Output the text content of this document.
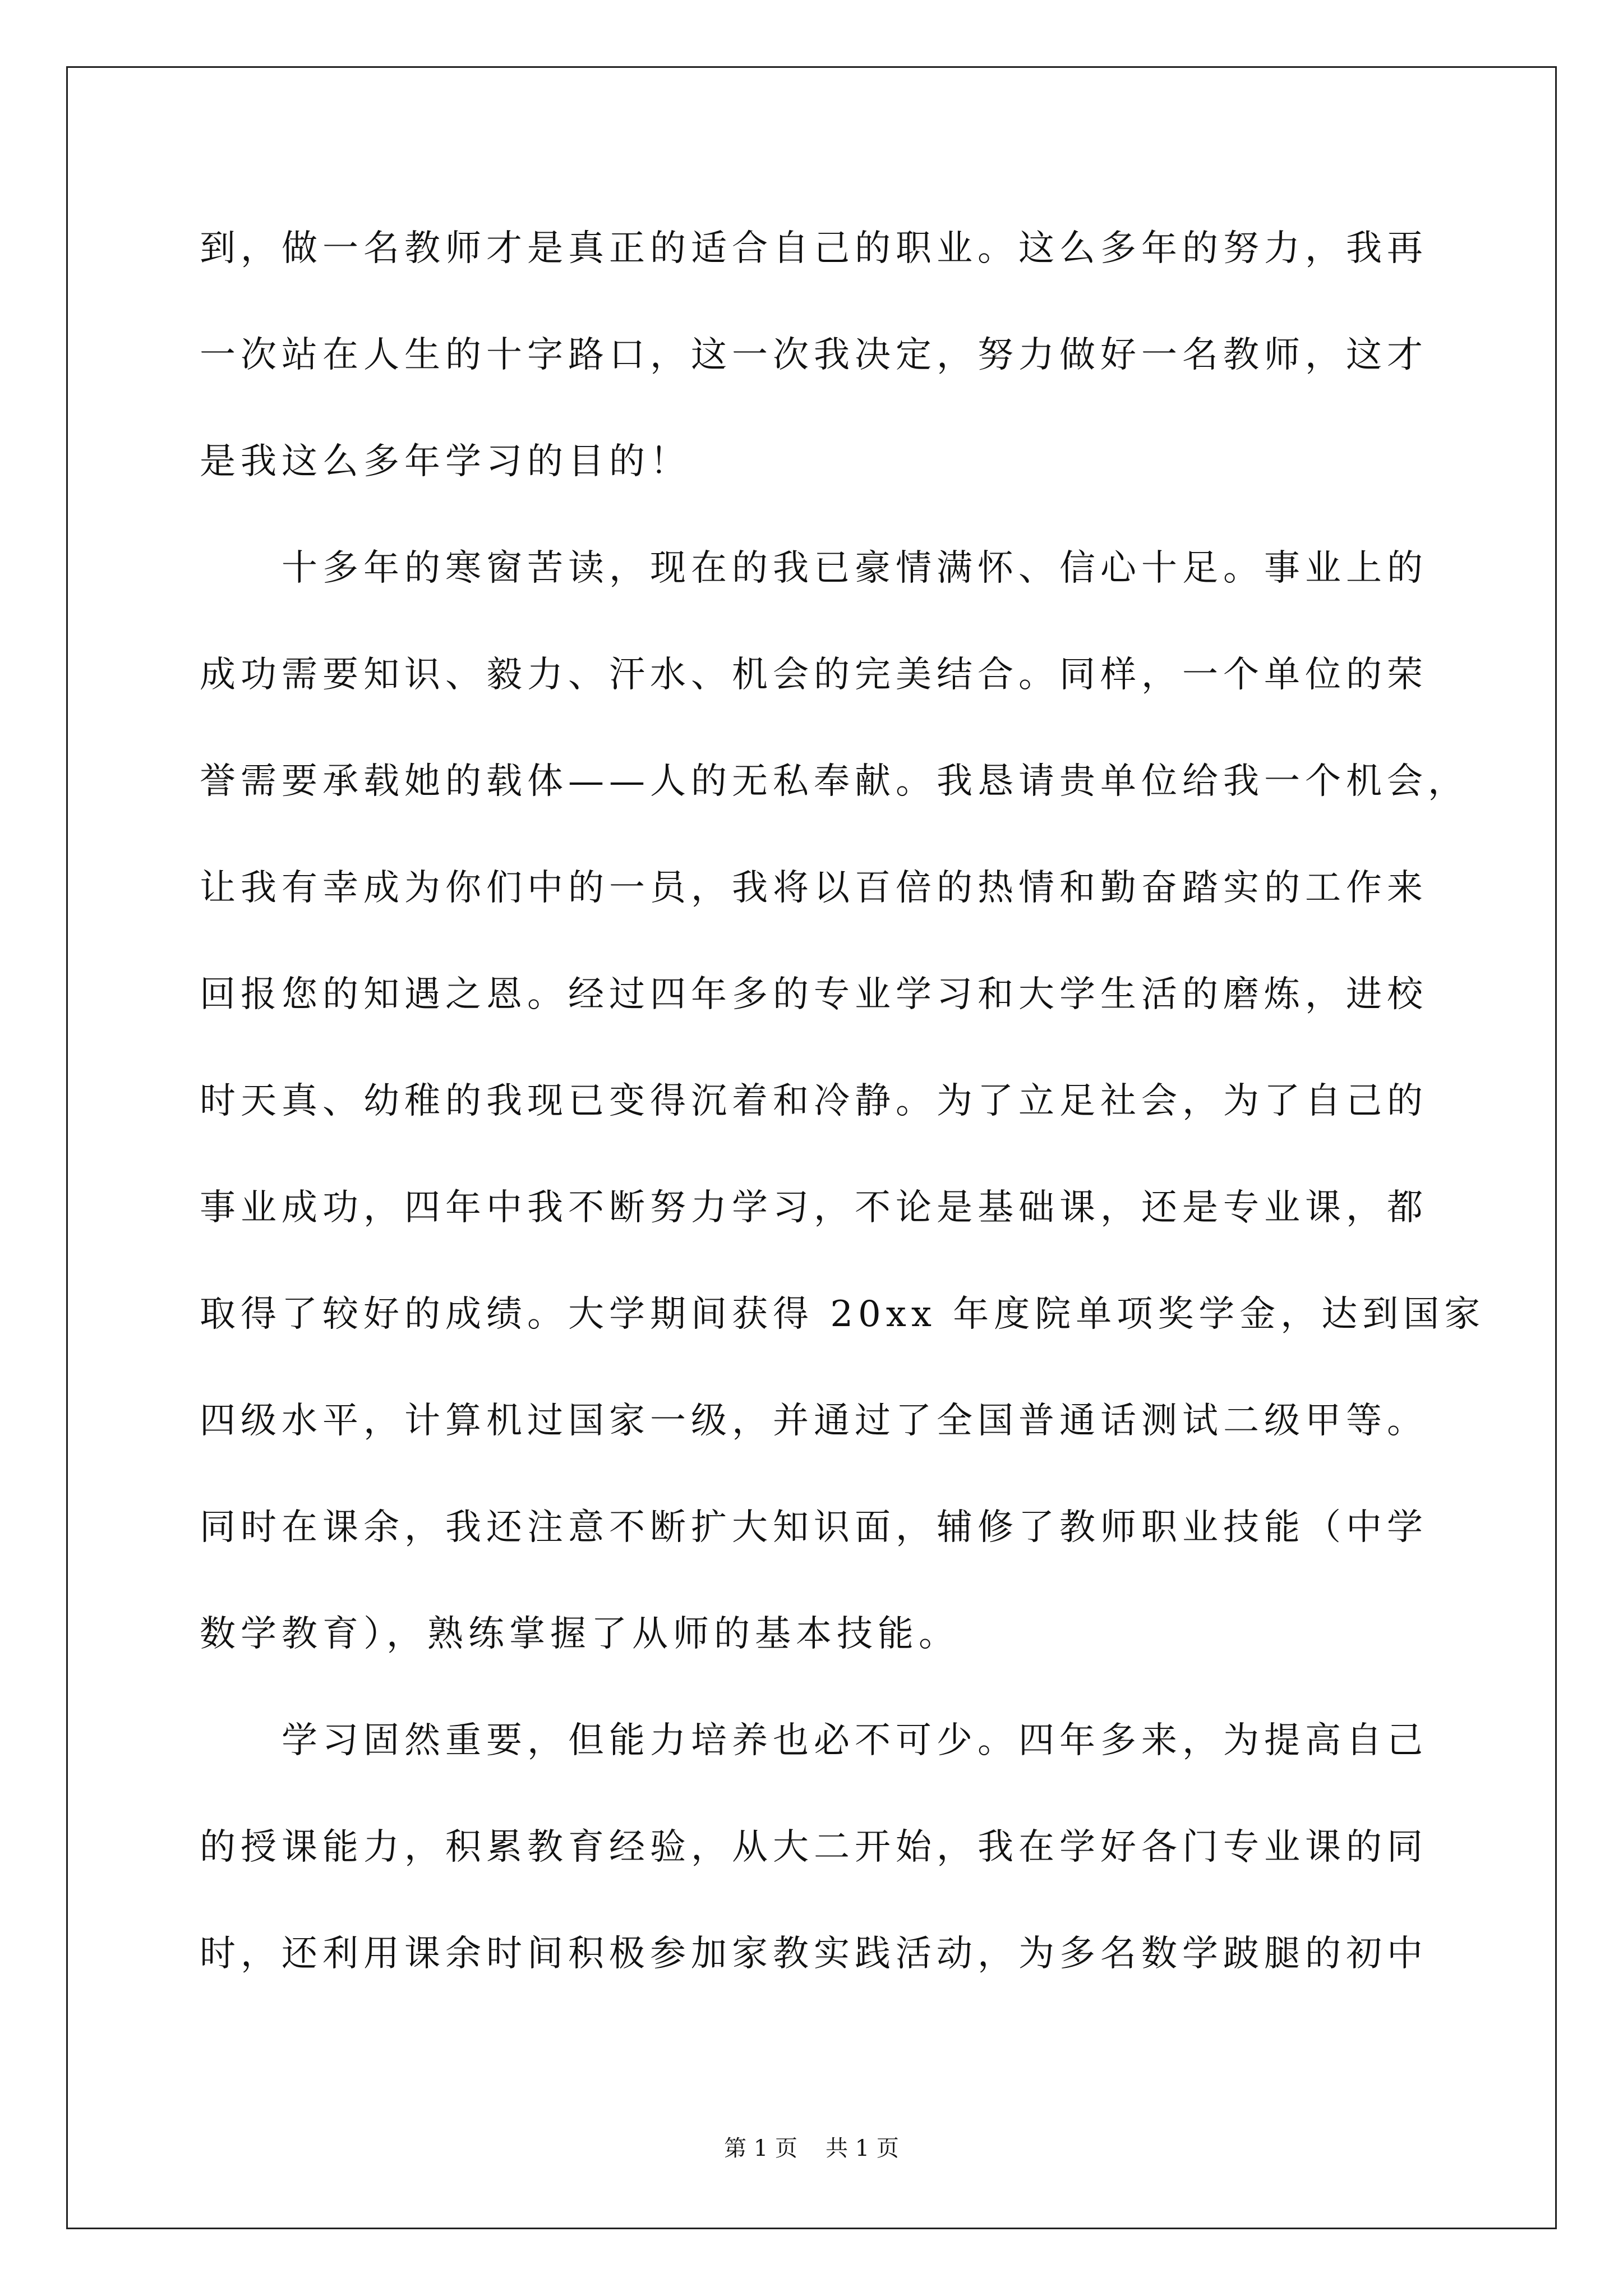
到，做一名教师才是真正的适合自己的职业。这么多年的努力，我再
一次站在人生的十字路口，这一次我决定，努力做好一名教师，这才
是我这么多年学习的目的！
十多年的寒窗苦读，现在的我已豪情满怀、信心十足。事业上的
成功需要知识、毅力、汗水、机会的完美结合。同样，一个单位的荣
誉需要承载她的载体——人的无私奉献。我恳请贵单位给我一个机会，
让我有幸成为你们中的一员，我将以百倍的热情和勤奋踏实的工作来
回报您的知遇之恩。经过四年多的专业学习和大学生活的磨炼，进校
时天真、幼稚的我现已变得沉着和冷静。为了立足社会，为了自己的
事业成功，四年中我不断努力学习，不论是基础课，还是专业课，都
取得了较好的成绩。大学期间获得 20xx 年度院单项奖学金，达到国家
四级水平，计算机过国家一级，并通过了全国普通话测试二级甲等。
同时在课余，我还注意不断扩大知识面，辅修了教师职业技能（中学
数学教育），熟练掌握了从师的基本技能。
学习固然重要，但能力培养也必不可少。四年多来，为提高自己
的授课能力，积累教育经验，从大二开始，我在学好各门专业课的同
时，还利用课余时间积极参加家教实践活动，为多名数学跛腿的初中
第 1 页 共 1 页
